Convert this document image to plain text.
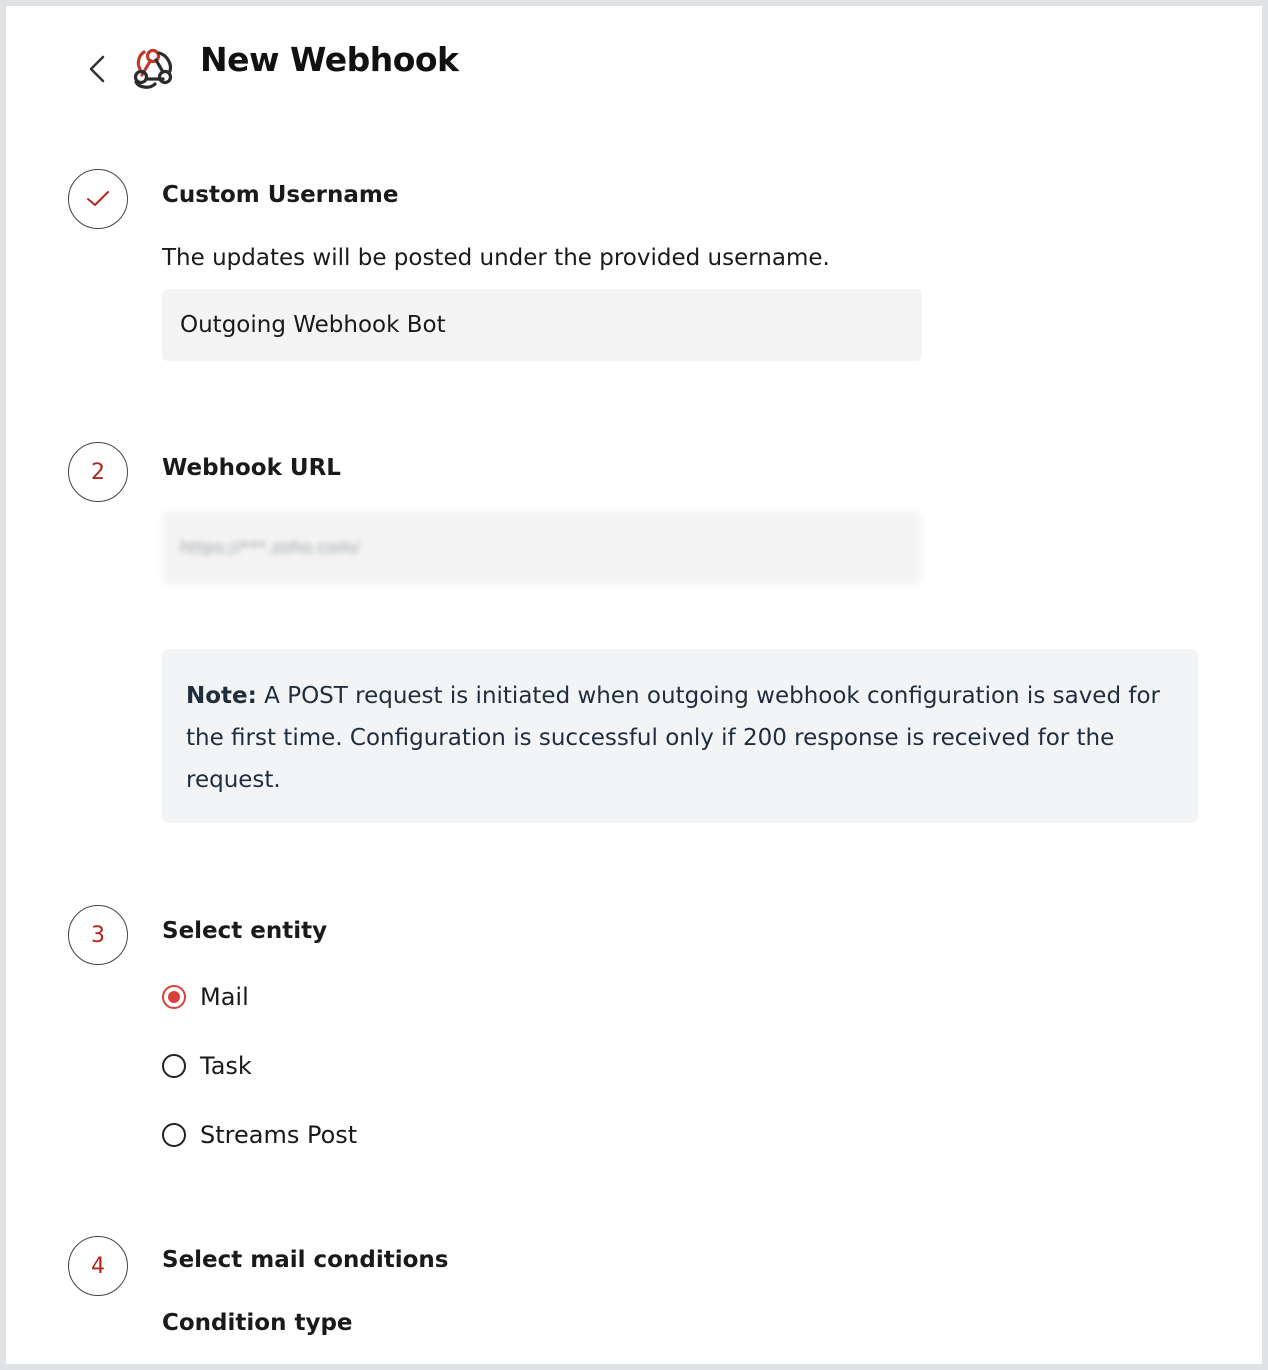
New Webhook
Custom Username
The updates will be posted under the provided username.
Outgoing Webhook Bot
2	Webhook URL
https://***.zoho.com/
Note: A POST request is initiated when outgoing webhook configuration is saved for the first time. Configuration is successful only if 200 response is received for the request.
3	Select entity
Mail
Task
Streams Post
4	Select mail conditions
Condition type
